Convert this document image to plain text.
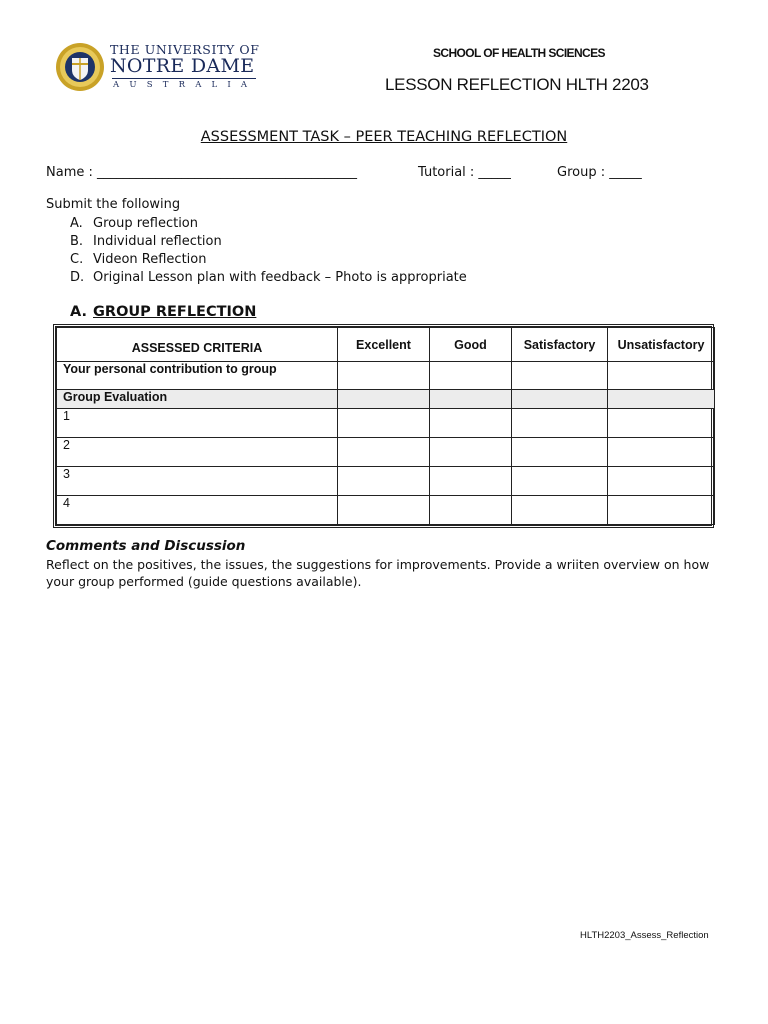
THE UNIVERSITY OF
NOTRE DAME
AUSTRALIA
SCHOOL OF HEALTH SCIENCES
LESSON REFLECTION HLTH 2203
ASSESSMENT TASK – PEER TEACHING REFLECTION
Name : ________________________________________	Tutorial : _____	Group : _____
Submit the following
A. Group reflection
B. Individual reflection
C. Videon Reflection
D. Original Lesson plan with feedback – Photo is appropriate
A. GROUP REFLECTION
ASSESSED CRITERIA	Excellent	Good	Satisfactory	Unsatisfactory
Your personal contribution to group				
Group Evaluation				
1				
2				
3				
4				
Comments and Discussion
Reflect on the positives, the issues, the suggestions for improvements. Provide a wriiten overview on how your group performed (guide questions available).
HLTH2203_Assess_Reflection
